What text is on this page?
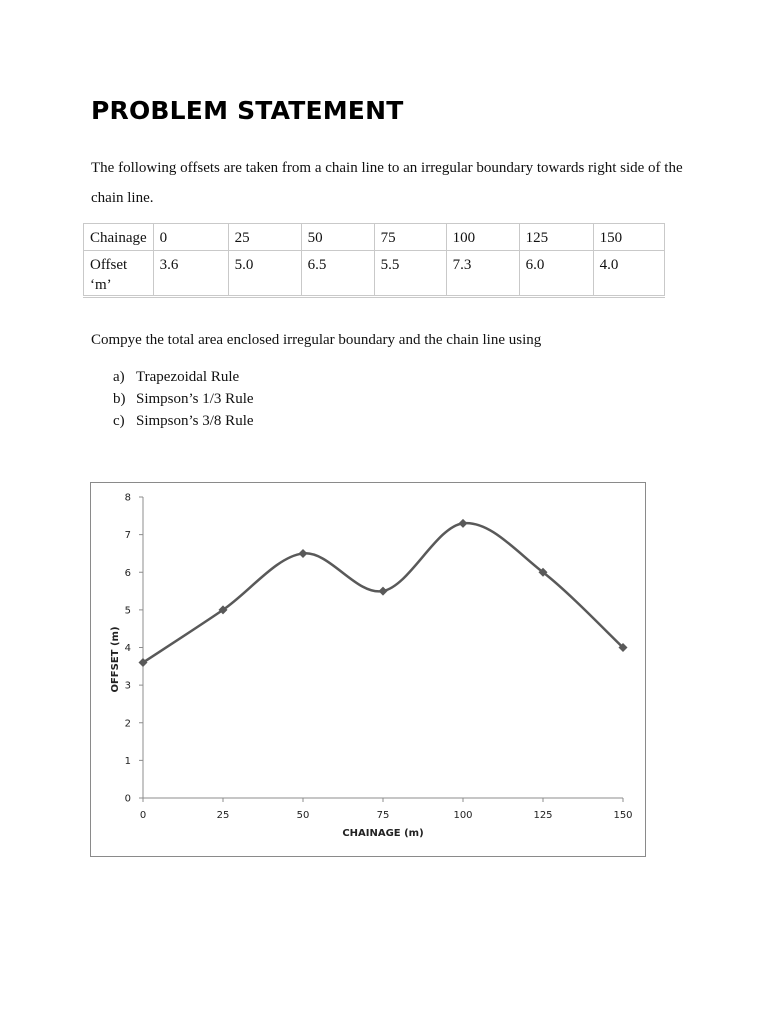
PROBLEM STATEMENT

The following offsets are taken from a chain line to an irregular boundary towards right side of the chain line.

Chainage	0	25	50	75	100	125	150
Offset ‘m’	3.6	5.0	6.5	5.5	7.3	6.0	4.0

Compye the total area enclosed irregular boundary and the chain line using

a) Trapezoidal Rule
b) Simpson’s 1/3 Rule
c) Simpson’s 3/8 Rule
0
1
2
3
4
5
6
7
8
0	25	50	75	100	125	150
CHAINAGE (m)
OFFSET (m)
